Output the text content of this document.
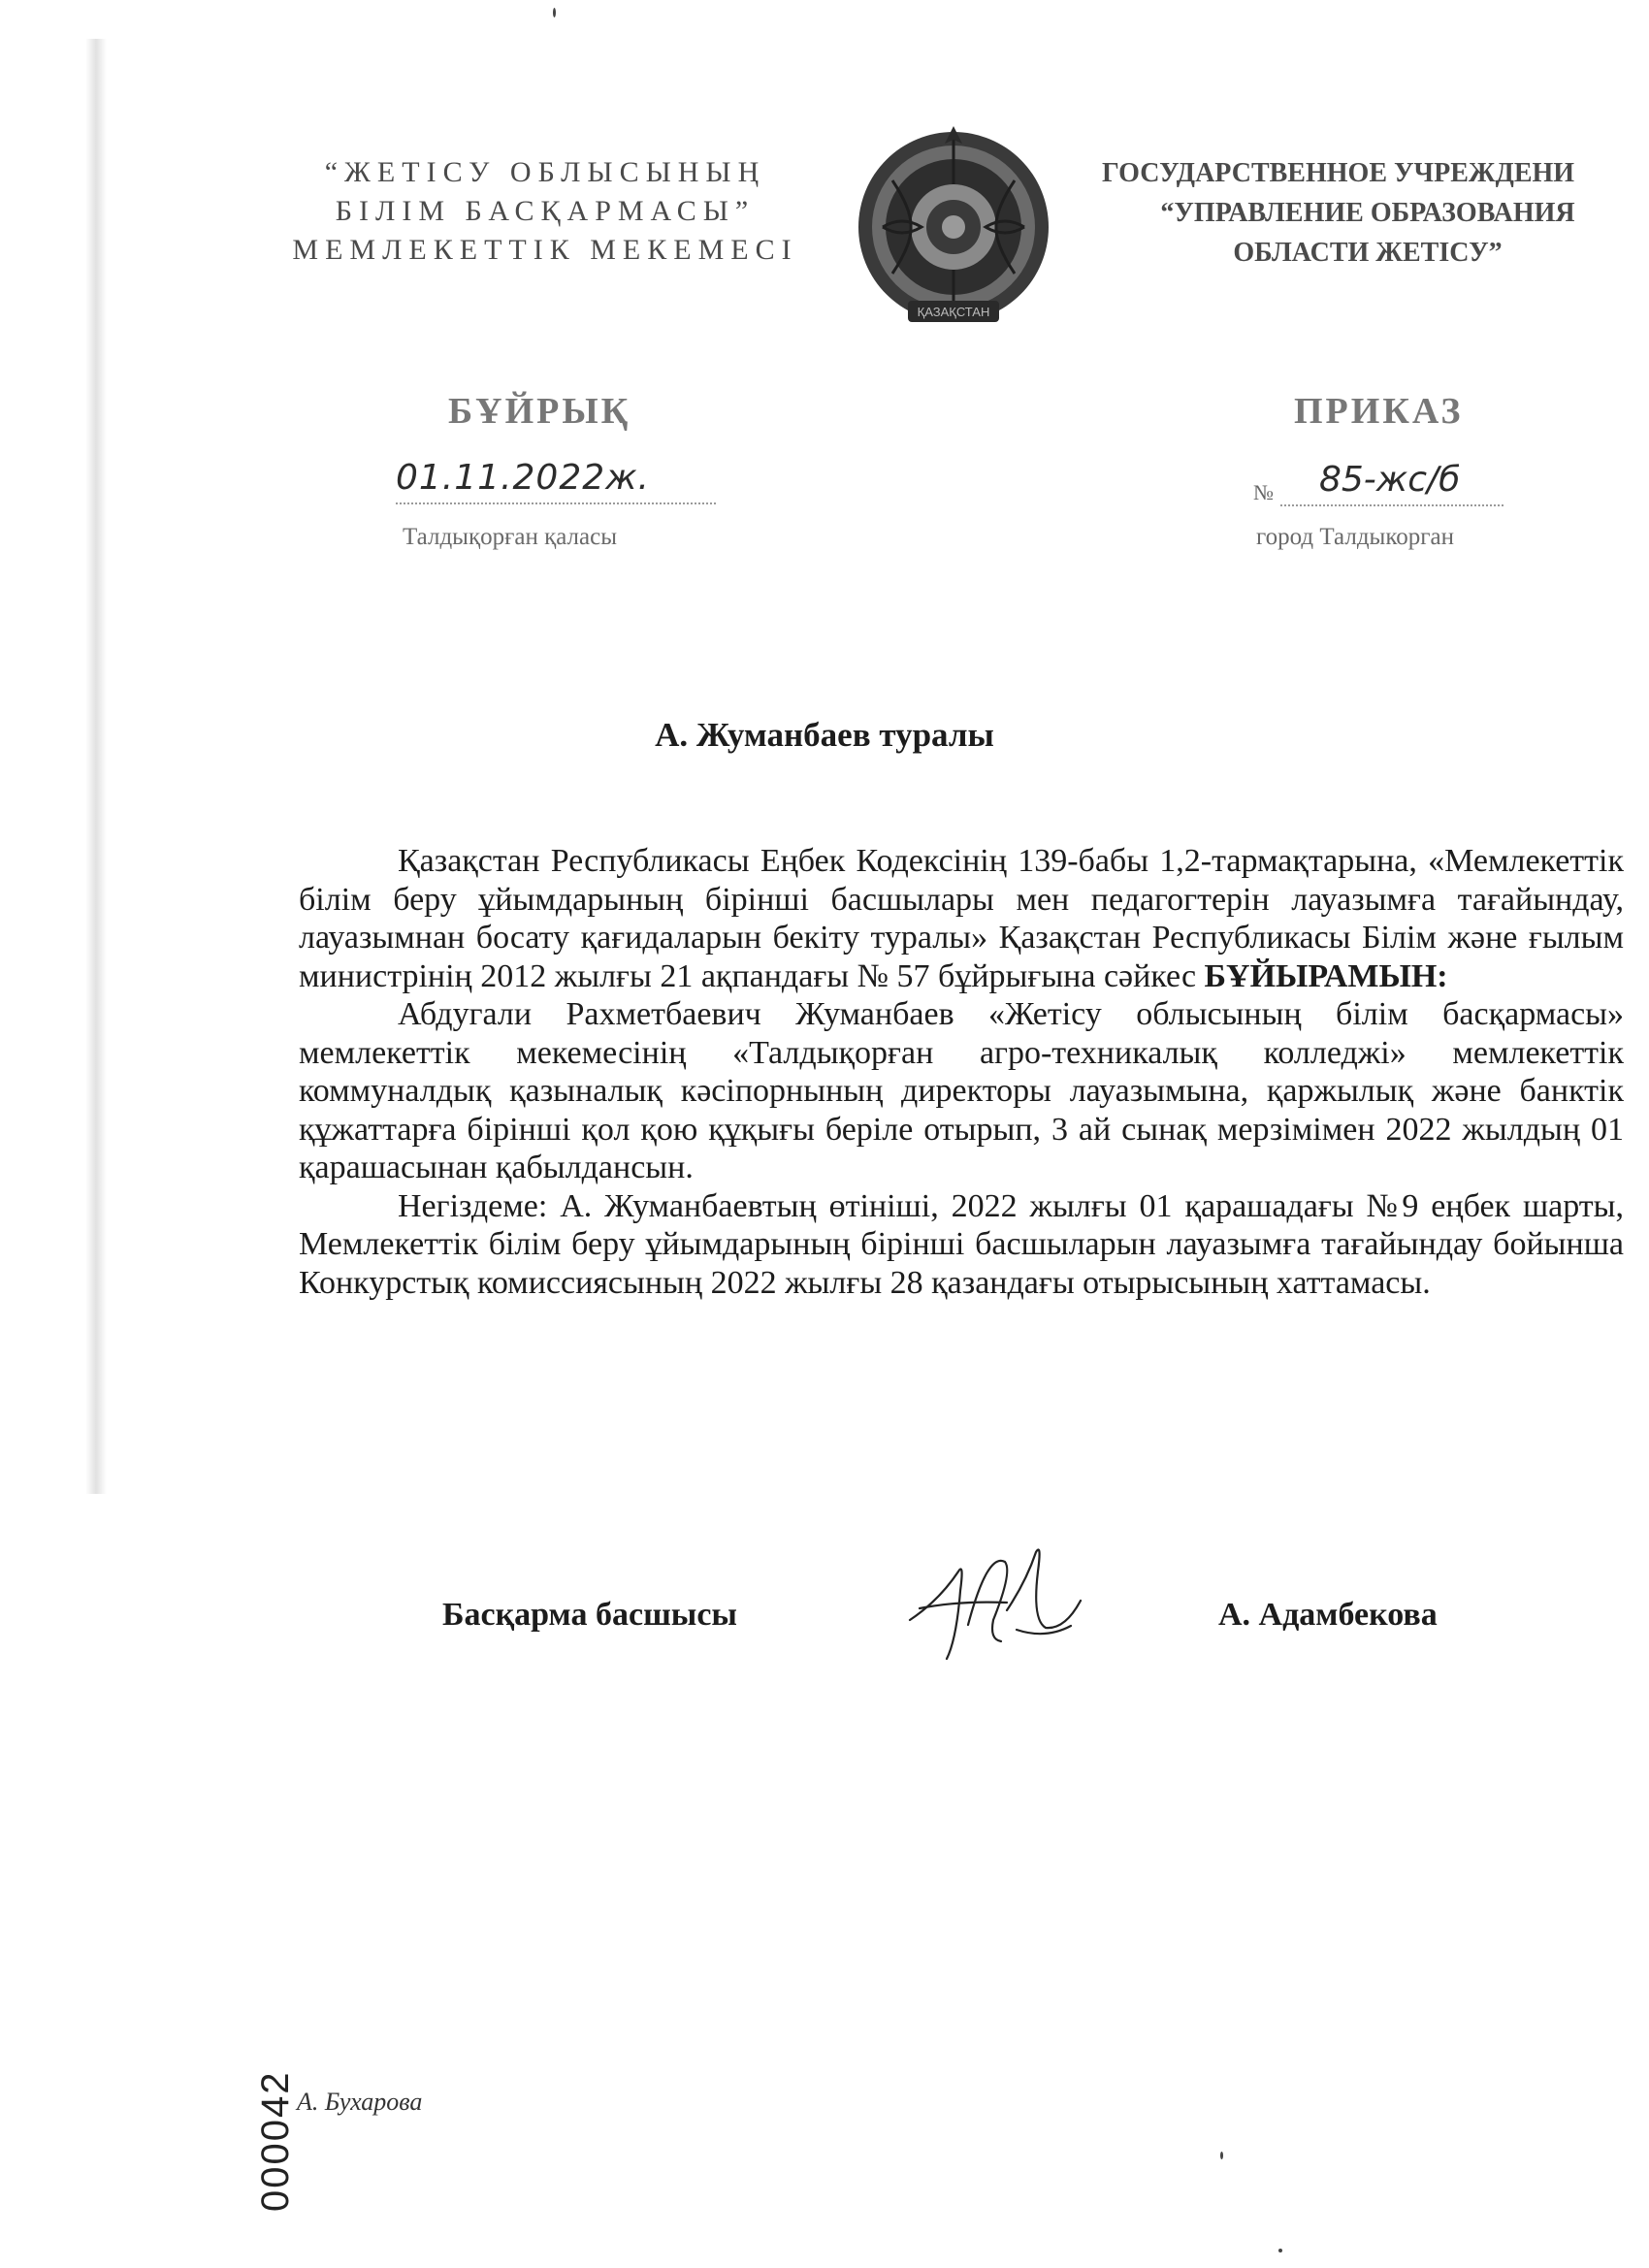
“ЖЕТІСУ ОБЛЫСЫНЫҢ
БІЛІМ БАСҚАРМАСЫ”
МЕМЛЕКЕТТІК МЕКЕМЕСІ
ҚАЗАҚСТАН
ГОСУДАРСТВЕННОЕ УЧРЕЖДЕНИ
“УПРАВЛЕНИЕ ОБРАЗОВАНИЯ
ОБЛАСТИ ЖЕТІСУ”
БҰЙРЫҚ	ПРИКАЗ
01.11.2022ж.	№ 85-жс/б
Талдықорған қаласы	город Талдыкорган
А. Жуманбаев туралы

Қазақстан Республикасы Еңбек Кодексінің 139-бабы 1,2-тармақтарына, «Мемлекеттік білім беру ұйымдарының бірінші басшылары мен педагогтерін лауазымға тағайындау, лауазымнан босату қағидаларын бекіту туралы» Қазақстан Республикасы Білім және ғылым министрінің 2012 жылғы 21 ақпандағы № 57 бұйрығына сәйкес БҰЙЫРАМЫН:

Абдугали Рахметбаевич Жуманбаев «Жетісу облысының білім басқармасы» мемлекеттік мекемесінің «Талдықорған агро-техникалық колледжі» мемлекеттік коммуналдық қазыналық кәсіпорнының директоры лауазымына, қаржылық және банктік құжаттарға бірінші қол қою құқығы беріле отырып, 3 ай сынақ мерзімімен 2022 жылдың 01 қарашасынан қабылдансын.

Негіздеме: А. Жуманбаевтың өтініші, 2022 жылғы 01 қарашадағы №9 еңбек шарты, Мемлекеттік білім беру ұйымдарының бірінші басшыларын лауазымға тағайындау бойынша Конкурстық комиссиясының 2022 жылғы 28 қазандағы отырысының хаттамасы.

Басқарма басшысы	А. Адамбекова
А. Бухарова
000042
